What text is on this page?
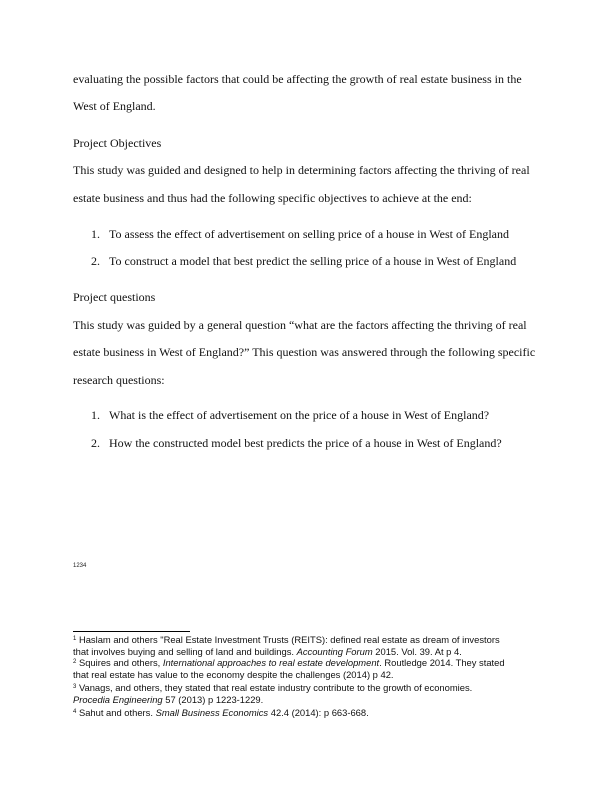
evaluating the possible factors that could be affecting the growth of real estate business in the
West of England.
Project Objectives
This study was guided and designed to help in determining factors affecting the thriving of real
estate business and thus had the following specific objectives to achieve at the end:
1. To assess the effect of advertisement on selling price of a house in West of England
2. To construct a model that best predict the selling price of a house in West of England
Project questions
This study was guided by a general question “what are the factors affecting the thriving of real
estate business in West of England?” This question was answered through the following specific
research questions:
1. What is the effect of advertisement on the price of a house in West of England?
2. How the constructed model best predicts the price of a house in West of England?
1234
$^1$ Haslam and others "Real Estate Investment Trusts (REITS): defined real estate as dream of investors
that involves buying and selling of land and buildings. Accounting Forum 2015. Vol. 39. At p 4.
$^2$ Squires and others, International approaches to real estate development. Routledge 2014. They stated
that real estate has value to the economy despite the challenges (2014) p 42.
$^3$ Vanags, and others, they stated that real estate industry contribute to the growth of economies.
Procedia Engineering 57 (2013) p 1223-1229.
$^4$ Sahut and others. Small Business Economics 42.4 (2014): p 663-668.
